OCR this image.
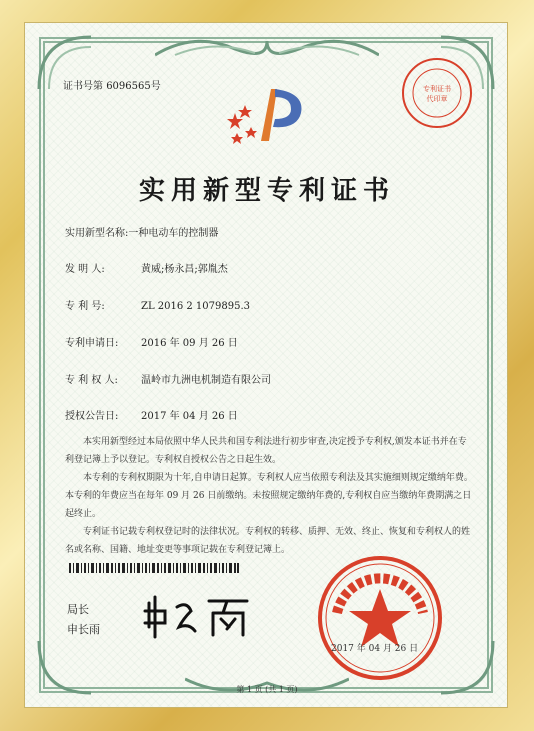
证书号第 6096565号	专利证书
代印章
实用新型专利证书
实用新型名称:一种电动车的控制器
发 明 人:	黄威;杨永昌;郭胤杰
专 利 号:	ZL 2016 2 1079895.3
专利申请日: 2016 年 09 月 26 日
专 利 权 人: 温岭市九洲电机制造有限公司
授权公告日: 2017 年 04 月 26 日

本实用新型经过本局依照中华人民共和国专利法进行初步审查,决定授予专利权,颁发本证书并在专利登记簿上予以登记。专利权自授权公告之日起生效。

本专利的专利权期限为十年,自申请日起算。专利权人应当依照专利法及其实施细则规定缴纳年费。本专利的年费应当在每年 09 月 26 日前缴纳。未按照规定缴纳年费的,专利权自应当缴纳年费期满之日起终止。

专利证书记载专利权登记时的法律状况。专利权的转移、质押、无效、终止、恢复和专利权人的姓名或名称、国籍、地址变更等事项记载在专利登记簿上。

局长
申长雨
2017 年 04 月 26 日
第 1 页 (共 1 页)
